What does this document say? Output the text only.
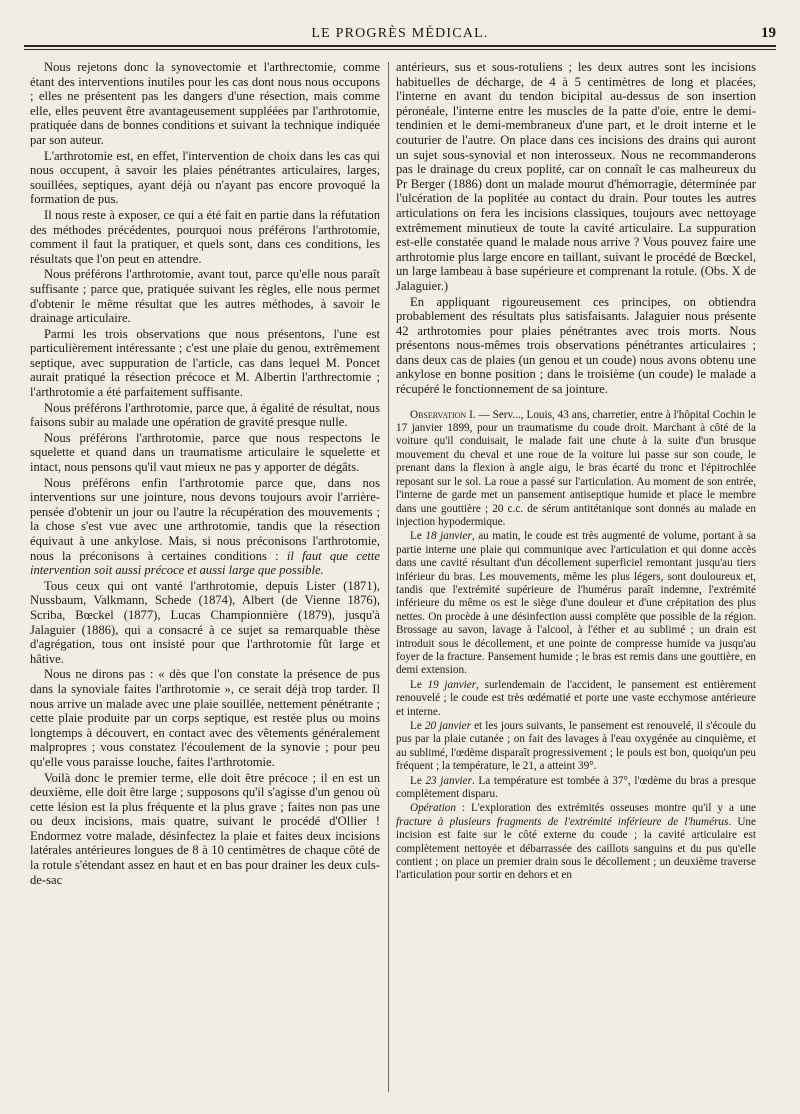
LE PROGRÈS MÉDICAL.	19

Nous rejetons donc la synovectomie et l'arthrectomie, comme étant des interventions inutiles pour les cas dont nous nous occupons ; elles ne présentent pas les dangers d'une résection, mais comme elle, elles peuvent être avantageusement suppléées par l'arthrotomie, pratiquée dans de bonnes conditions et suivant la technique indiquée par son auteur.

L'arthrotomie est, en effet, l'intervention de choix dans les cas qui nous occupent, à savoir les plaies pénétrantes articulaires, larges, souillées, septiques, ayant déjà ou n'ayant pas encore provoqué la formation de pus.

Il nous reste à exposer, ce qui a été fait en partie dans la réfutation des méthodes précédentes, pourquoi nous préférons l'arthrotomie, comment il faut la pratiquer, et quels sont, dans ces conditions, les résultats que l'on peut en attendre.

Nous préférons l'arthrotomie, avant tout, parce qu'elle nous paraît suffisante ; parce que, pratiquée suivant les règles, elle nous permet d'obtenir le même résultat que les autres méthodes, à savoir le drainage articulaire.

Parmi les trois observations que nous présentons, l'une est particulièrement intéressante ; c'est une plaie du genou, extrêmement septique, avec suppuration de l'article, cas dans lequel M. Poncet aurait pratiqué la résection précoce et M. Albertin l'arthrectomie ; l'arthrotomie a été parfaitement suffisante.

Nous préférons l'arthrotomie, parce que, à égalité de résultat, nous faisons subir au malade une opération de gravité presque nulle.

Nous préférons l'arthrotomie, parce que nous respectons le squelette et quand dans un traumatisme articulaire le squelette et intact, nous pensons qu'il vaut mieux ne pas y apporter de dégâts.

Nous préférons enfin l'arthrotomie parce que, dans nos interventions sur une jointure, nous devons toujours avoir l'arrière-pensée d'obtenir un jour ou l'autre la récupération des mouvements ; la chose s'est vue avec une arthrotomie, tandis que la résection équivaut à une ankylose. Mais, si nous préconisons l'arthrotomie, nous la préconisons à certaines conditions : il faut que cette intervention soit aussi précoce et aussi large que possible.

Tous ceux qui ont vanté l'arthrotomie, depuis Lister (1871), Nussbaum, Valkmann, Schede (1874), Albert (de Vienne 1876), Scriba, Bœckel (1877), Lucas Championnière (1879), jusqu'à Jalaguier (1886), qui a consacré à ce sujet sa remarquable thèse d'agrégation, tous ont insisté pour que l'arthrotomie fût large et hâtive.

Nous ne dirons pas : « dès que l'on constate la présence de pus dans la synoviale faites l'arthrotomie », ce serait déjà trop tarder. Il nous arrive un malade avec une plaie souillée, nettement pénétrante ; cette plaie produite par un corps septique, est restée plus ou moins longtemps à découvert, en contact avec des vêtements généralement malpropres ; vous constatez l'écoulement de la synovie ; pour peu qu'elle vous paraisse louche, faites l'arthrotomie.

Voilà donc le premier terme, elle doit être précoce ; il en est un deuxième, elle doit être large ; supposons qu'il s'agisse d'un genou où cette lésion est la plus fréquente et la plus grave ; faites non pas une ou deux incisions, mais quatre, suivant le procédé d'Ollier ! Endormez votre malade, désinfectez la plaie et faites deux incisions latérales antérieures longues de 8 à 10 centimètres de chaque côté de la rotule s'étendant assez en haut et en bas pour drainer les deux culs-de-sac

antérieurs, sus et sous-rotuliens ; les deux autres sont les incisions habituelles de décharge, de 4 à 5 centimètres de long et placées, l'interne en avant du tendon bicipital au-dessus de son insertion péronéale, l'interne entre les muscles de la patte d'oie, entre le demi-tendinien et le demi-membraneux d'une part, et le droit interne et le couturier de l'autre. On place dans ces incisions des drains qui auront un sujet sous-synovial et non interosseux. Nous ne recommanderons pas le drainage du creux poplité, car on connaît le cas malheureux du Pr Berger (1886) dont un malade mourut d'hémorragie, déterminée par l'ulcération de la poplitée au contact du drain. Pour toutes les autres articulations on fera les incisions classiques, toujours avec nettoyage extrêmement minutieux de toute la cavité articulaire. La suppuration est-elle constatée quand le malade nous arrive ? Vous pouvez faire une arthrotomie plus large encore en taillant, suivant le procédé de Bœckel, un large lambeau à base supérieure et comprenant la rotule. (Obs. X de Jalaguier.)

En appliquant rigoureusement ces principes, on obtiendra probablement des résultats plus satisfaisants. Jalaguier nous présente 42 arthrotomies pour plaies pénétrantes avec trois morts. Nous présentons nous-mêmes trois observations pénétrantes articulaires ; dans deux cas de plaies (un genou et un coude) nous avons obtenu une ankylose en bonne position ; dans le troisième (un coude) le malade a récupéré le fonctionnement de sa jointure.

Observation I. — Serv..., Louis, 43 ans, charretier, entre à l'hôpital Cochin le 17 janvier 1899, pour un traumatisme du coude droit. Marchant à côté de la voiture qu'il conduisait, le malade fait une chute à la suite d'un brusque mouvement du cheval et une roue de la voiture lui passe sur son coude, le prenant dans la flexion à angle aigu, le bras écarté du tronc et l'épitrochlée reposant sur le sol. La roue a passé sur l'articulation. Au moment de son entrée, l'interne de garde met un pansement antiseptique humide et place le membre dans une gouttière ; 20 c.c. de sérum antitétanique sont donnés au malade en injection hypodermique.

Le 18 janvier, au matin, le coude est très augmenté de volume, portant à sa partie interne une plaie qui communique avec l'articulation et qui donne accès dans une cavité résultant d'un décollement superficiel remontant jusqu'au tiers inférieur du bras. Les mouvements, même les plus légers, sont douloureux et, tandis que l'extrémité supérieure de l'humérus paraît indemne, l'extrémité inférieure du même os est le siège d'une douleur et d'une crépitation des plus nettes. On procède à une désinfection aussi complète que possible de la région. Brossage au savon, lavage à l'alcool, à l'éther et au sublimé ; un drain est introduit sous le décollement, et une pointe de compresse humide va jusqu'au foyer de la fracture. Pansement humide ; le bras est remis dans une gouttière, en demi extension.

Le 19 janvier, surlendemain de l'accident, le pansement est entièrement renouvelé ; le coude est très œdématié et porte une vaste ecchymose antérieure et interne.

Le 20 janvier et les jours suivants, le pansement est renouvelé, il s'écoule du pus par la plaie cutanée ; on fait des lavages à l'eau oxygénée au cinquième, et au sublimé, l'œdème disparaît progressivement ; le pouls est bon, quoiqu'un peu fréquent ; la température, le 21, a atteint 39°.

Le 23 janvier. La température est tombée à 37°, l'œdème du bras a presque complètement disparu.

Opération : L'exploration des extrémités osseuses montre qu'il y a une fracture à plusieurs fragments de l'extrémité inférieure de l'humérus. Une incision est faite sur le côté externe du coude ; la cavité articulaire est complètement nettoyée et débarrassée des caillots sanguins et du pus qu'elle contient ; on place un premier drain sous le décollement ; un deuxième traverse l'articulation pour sortir en dehors et en
